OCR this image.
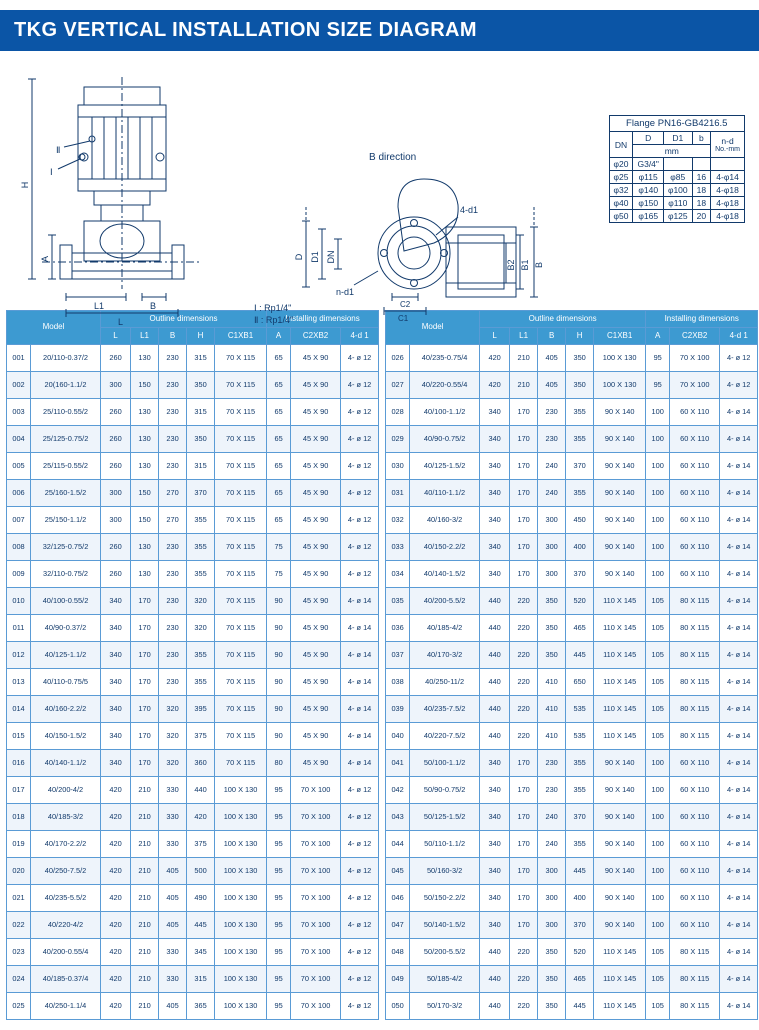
TKG VERTICAL INSTALLATION SIZE DIAGRAM
H
A
L1
L
B
Ⅰ
Ⅱ
Ⅰ : Rp1/4"
Ⅱ : Rp1/4"
B direction
4-d1
n-d1
D D1 DN
C2
C1
B
B1
B2
Flange PN16-GB4216.5				
DN	D	D1	b	n-d
No.-mm

	mm			
φ20	G3/4"			
φ25	φ115	φ85	16	4-φ14
φ32	φ140	φ100	18	4-φ18
φ40	φ150	φ110	18	4-φ18
φ50	φ165	φ125	20	4-φ18
Model		Outline dimensions					Installing dimensions		
		L	L1	B	H	C1XB1	A	C2XB2	4-d 1
001	20/110-0.37/2	260	130	230	315	70 X 115	65	45 X 90	4- ø 12
002	20(160-1.1/2	300	150	230	350	70 X 115	65	45 X 90	4- ø 12
003	25/110-0.55/2	260	130	230	315	70 X 115	65	45 X 90	4- ø 12
004	25/125-0.75/2	260	130	230	350	70 X 115	65	45 X 90	4- ø 12
005	25/115-0.55/2	260	130	230	315	70 X 115	65	45 X 90	4- ø 12
006	25/160-1.5/2	300	150	270	370	70 X 115	65	45 X 90	4- ø 12
007	25/150-1.1/2	300	150	270	355	70 X 115	65	45 X 90	4- ø 12
008	32/125-0.75/2	260	130	230	355	70 X 115	75	45 X 90	4- ø 12
009	32/110-0.75/2	260	130	230	355	70 X 115	75	45 X 90	4- ø 12
010	40/100-0.55/2	340	170	230	320	70 X 115	90	45 X 90	4- ø 14
011	40/90-0.37/2	340	170	230	320	70 X 115	90	45 X 90	4- ø 14
012	40/125-1.1/2	340	170	230	355	70 X 115	90	45 X 90	4- ø 14
013	40/110-0.75/5	340	170	230	355	70 X 115	90	45 X 90	4- ø 14
014	40/160-2.2/2	340	170	320	395	70 X 115	90	45 X 90	4- ø 14
015	40/150-1.5/2	340	170	320	375	70 X 115	90	45 X 90	4- ø 14
016	40/140-1.1/2	340	170	320	360	70 X 115	80	45 X 90	4- ø 14
017	40/200-4/2	420	210	330	440	100 X 130	95	70 X 100	4- ø 12
018	40/185-3/2	420	210	330	420	100 X 130	95	70 X 100	4- ø 12
019	40/170-2.2/2	420	210	330	375	100 X 130	95	70 X 100	4- ø 12
020	40/250-7.5/2	420	210	405	500	100 X 130	95	70 X 100	4- ø 12
021	40/235-5.5/2	420	210	405	490	100 X 130	95	70 X 100	4- ø 12
022	40/220-4/2	420	210	405	445	100 X 130	95	70 X 100	4- ø 12
023	40/200-0.55/4	420	210	330	345	100 X 130	95	70 X 100	4- ø 12
024	40/185-0.37/4	420	210	330	315	100 X 130	95	70 X 100	4- ø 12
025	40/250-1.1/4	420	210	405	365	100 X 130	95	70 X 100	4- ø 12
Model		Outline dimensions					Installing dimensions		
		L	L1	B	H	C1XB1	A	C2XB2	4-d 1
026	40/235-0.75/4	420	210	405	350	100 X 130	95	70 X 100	4- ø 12
027	40/220-0.55/4	420	210	405	350	100 X 130	95	70 X 100	4- ø 12
028	40/100-1.1/2	340	170	230	355	90 X 140	100	60 X 110	4- ø 14
029	40/90-0.75/2	340	170	230	355	90 X 140	100	60 X 110	4- ø 14
030	40/125-1.5/2	340	170	240	370	90 X 140	100	60 X 110	4- ø 14
031	40/110-1.1/2	340	170	240	355	90 X 140	100	60 X 110	4- ø 14
032	40/160-3/2	340	170	300	450	90 X 140	100	60 X 110	4- ø 14
033	40/150-2.2/2	340	170	300	400	90 X 140	100	60 X 110	4- ø 14
034	40/140-1.5/2	340	170	300	370	90 X 140	100	60 X 110	4- ø 14
035	40/200-5.5/2	440	220	350	520	110 X 145	105	80 X 115	4- ø 14
036	40/185-4/2	440	220	350	465	110 X 145	105	80 X 115	4- ø 14
037	40/170-3/2	440	220	350	445	110 X 145	105	80 X 115	4- ø 14
038	40/250-11/2	440	220	410	650	110 X 145	105	80 X 115	4- ø 14
039	40/235-7.5/2	440	220	410	535	110 X 145	105	80 X 115	4- ø 14
040	40/220-7.5/2	440	220	410	535	110 X 145	105	80 X 115	4- ø 14
041	50/100-1.1/2	340	170	230	355	90 X 140	100	60 X 110	4- ø 14
042	50/90-0.75/2	340	170	230	355	90 X 140	100	60 X 110	4- ø 14
043	50/125-1.5/2	340	170	240	370	90 X 140	100	60 X 110	4- ø 14
044	50/110-1.1/2	340	170	240	355	90 X 140	100	60 X 110	4- ø 14
045	50/160-3/2	340	170	300	445	90 X 140	100	60 X 110	4- ø 14
046	50/150-2.2/2	340	170	300	400	90 X 140	100	60 X 110	4- ø 14
047	50/140-1.5/2	340	170	300	370	90 X 140	100	60 X 110	4- ø 14
048	50/200-5.5/2	440	220	350	520	110 X 145	105	80 X 115	4- ø 14
049	50/185-4/2	440	220	350	465	110 X 145	105	80 X 115	4- ø 14
050	50/170-3/2	440	220	350	445	110 X 145	105	80 X 115	4- ø 14
